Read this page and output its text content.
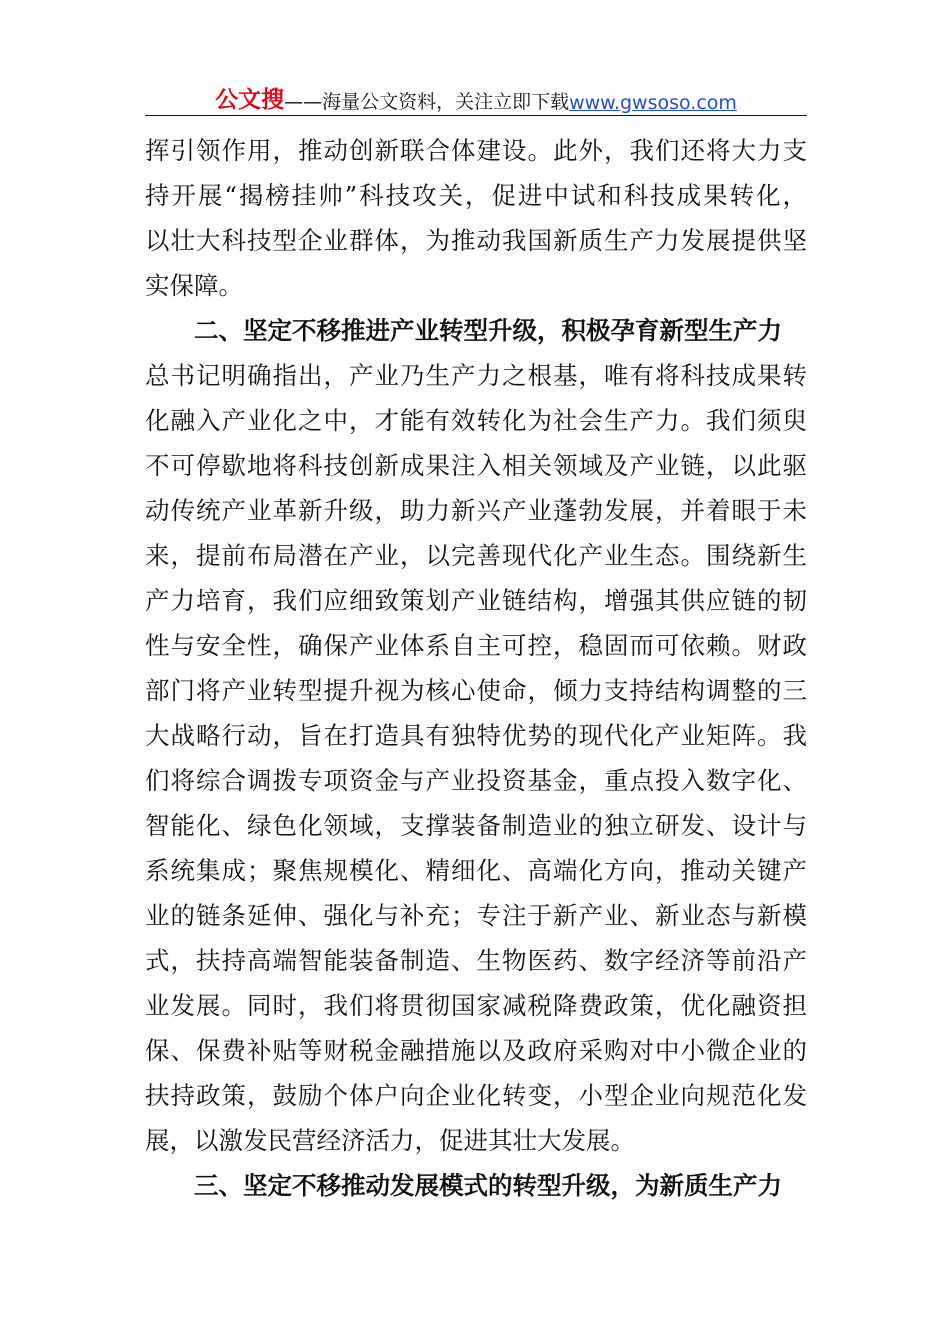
公文搜 ——海量公文资料，关注立即下载 www.gwsoso.com
挥引领作用，推动创新联合体建设。此外，我们还将大力支
持开展“揭榜挂帅”科技攻关，促进中试和科技成果转化，
以壮大科技型企业群体，为推动我国新质生产力发展提供坚
实保障。
二、坚定不移推进产业转型升级，积极孕育新型生产力
总书记明确指出，产业乃生产力之根基，唯有将科技成果转
化融入产业化之中，才能有效转化为社会生产力。我们须臾
不可停歇地将科技创新成果注入相关领域及产业链，以此驱
动传统产业革新升级，助力新兴产业蓬勃发展，并着眼于未
来，提前布局潜在产业，以完善现代化产业生态。围绕新生
产力培育，我们应细致策划产业链结构，增强其供应链的韧
性与安全性，确保产业体系自主可控，稳固而可依赖。财政
部门将产业转型提升视为核心使命，倾力支持结构调整的三
大战略行动，旨在打造具有独特优势的现代化产业矩阵。我
们将综合调拨专项资金与产业投资基金，重点投入数字化、
智能化、绿色化领域，支撑装备制造业的独立研发、设计与
系统集成；聚焦规模化、精细化、高端化方向，推动关键产
业的链条延伸、强化与补充；专注于新产业、新业态与新模
式，扶持高端智能装备制造、生物医药、数字经济等前沿产
业发展。同时，我们将贯彻国家减税降费政策，优化融资担
保、保费补贴等财税金融措施以及政府采购对中小微企业的
扶持政策，鼓励个体户向企业化转变，小型企业向规范化发
展，以激发民营经济活力，促进其壮大发展。
三、坚定不移推动发展模式的转型升级，为新质生产力
